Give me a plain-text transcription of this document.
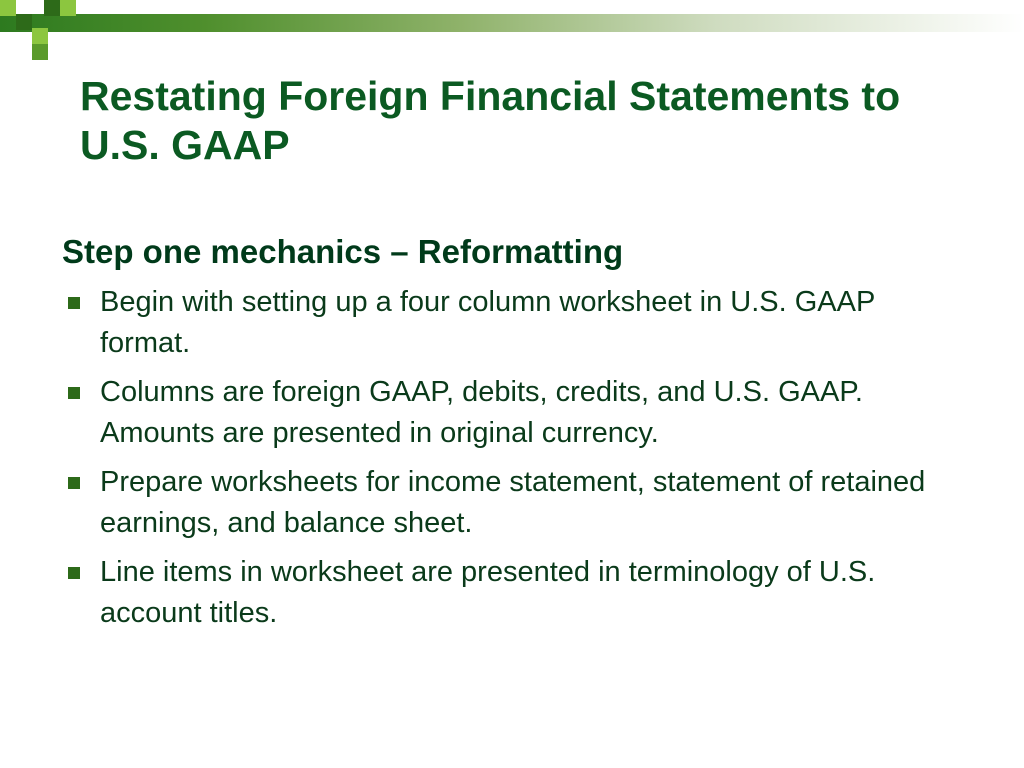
Restating Foreign Financial Statements to U.S. GAAP
Step one mechanics – Reformatting
Begin with setting up a four column worksheet in U.S. GAAP format.
Columns are foreign GAAP, debits, credits, and U.S. GAAP. Amounts are presented in original currency.
Prepare worksheets for income statement, statement of retained earnings, and balance sheet.
Line items in worksheet are presented in terminology of U.S. account titles.
